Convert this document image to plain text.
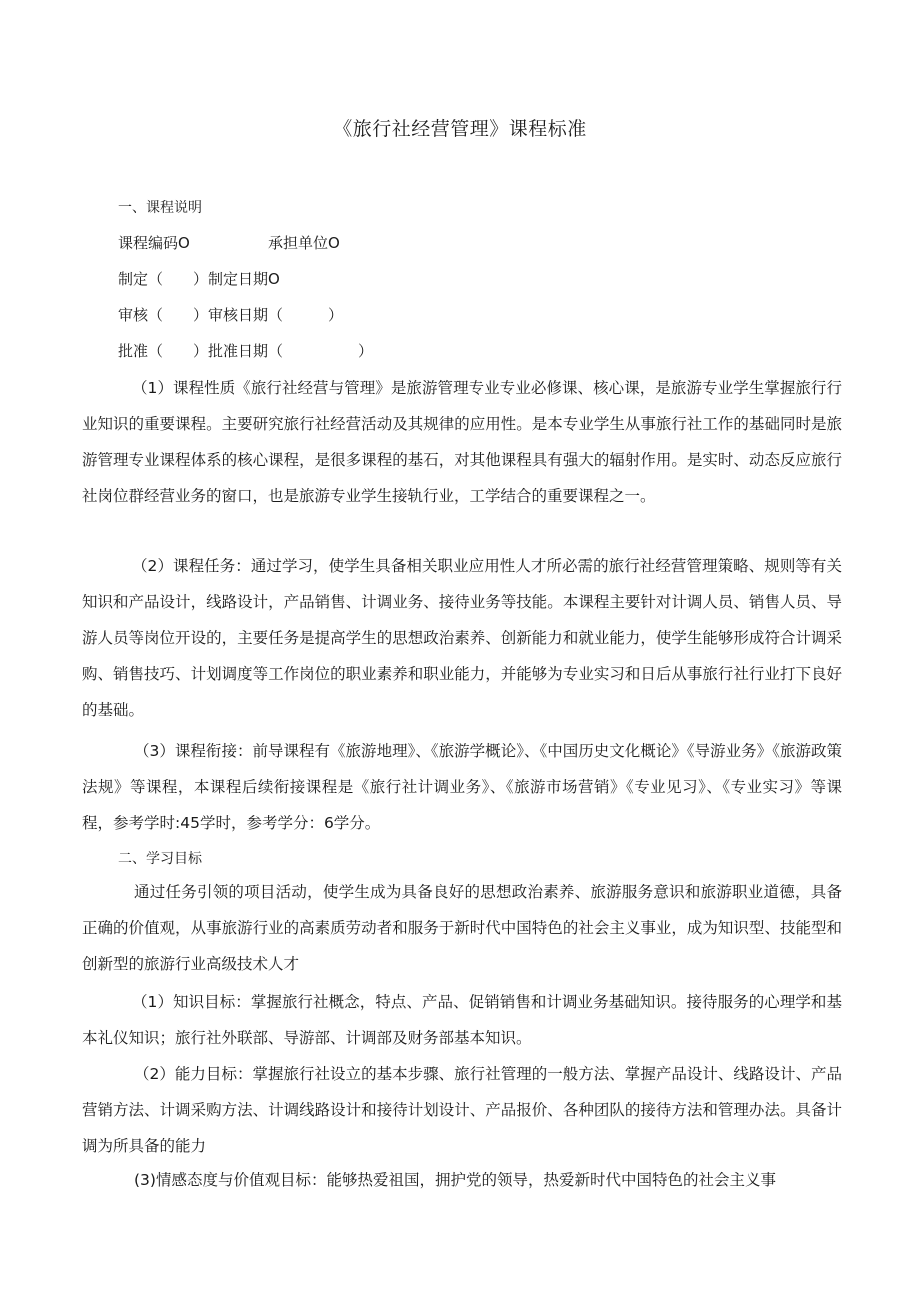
《旅行社经营管理》课程标准
一、课程说明
课程编码O	承担单位O
制定（　　）制定日期O
审核（　　）审核日期（　　　）
批准（　　）批准日期（　　　　　）

（1）课程性质《旅行社经营与管理》是旅游管理专业专业必修课、核心课，是旅游专业学生掌握旅行行业知识的重要课程。主要研究旅行社经营活动及其规律的应用性。是本专业学生从事旅行社工作的基础同时是旅游管理专业课程体系的核心课程，是很多课程的基石，对其他课程具有强大的辐射作用。是实时、动态反应旅行社岗位群经营业务的窗口，也是旅游专业学生接轨行业，工学结合的重要课程之一。

（2）课程任务：通过学习，使学生具备相关职业应用性人才所必需的旅行社经营管理策略、规则等有关知识和产品设计，线路设计，产品销售、计调业务、接待业务等技能。本课程主要针对计调人员、销售人员、导游人员等岗位开设的，主要任务是提高学生的思想政治素养、创新能力和就业能力，使学生能够形成符合计调采购、销售技巧、计划调度等工作岗位的职业素养和职业能力，并能够为专业实习和日后从事旅行社行业打下良好的基础。

（3）课程衔接：前导课程有《旅游地理》、《旅游学概论》、《中国历史文化概论》《导游业务》《旅游政策法规》等课程，本课程后续衔接课程是《旅行社计调业务》、《旅游市场营销》《专业见习》、《专业实习》等课程，参考学时:45学时，参考学分：6学分。

二、学习目标

通过任务引领的项目活动，使学生成为具备良好的思想政治素养、旅游服务意识和旅游职业道德，具备正确的价值观，从事旅游行业的高素质劳动者和服务于新时代中国特色的社会主义事业，成为知识型、技能型和创新型的旅游行业高级技术人才

（1）知识目标：掌握旅行社概念，特点、产品、促销销售和计调业务基础知识。接待服务的心理学和基本礼仪知识；旅行社外联部、导游部、计调部及财务部基本知识。

（2）能力目标：掌握旅行社设立的基本步骤、旅行社管理的一般方法、掌握产品设计、线路设计、产品营销方法、计调采购方法、计调线路设计和接待计划设计、产品报价、各种团队的接待方法和管理办法。具备计调为所具备的能力

(3)情感态度与价值观目标：能够热爱祖国，拥护党的领导，热爱新时代中国特色的社会主义事
